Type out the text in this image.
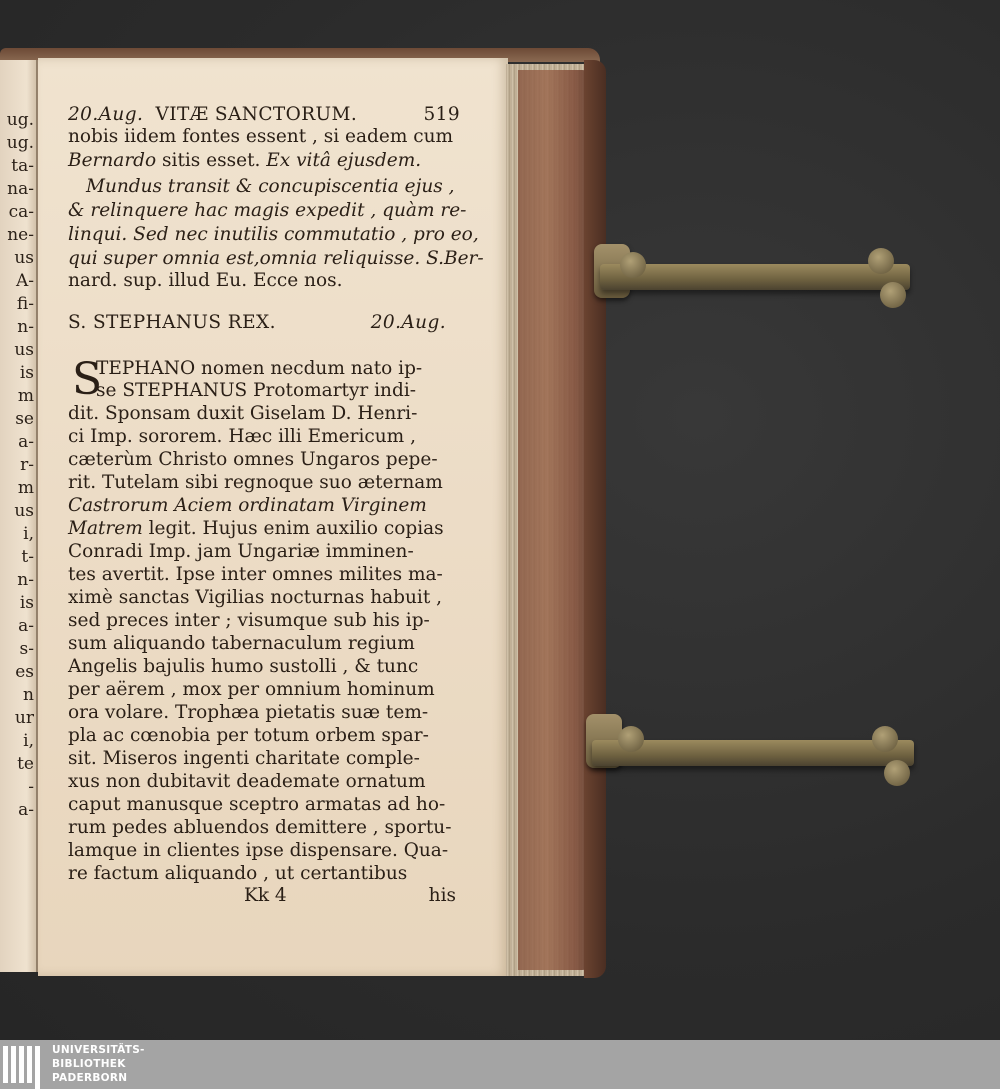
ug.
ug.
ta-
na-
ca-
ne-
us
A-
fi-
n-
us
is
m
se
a-
r-
m
us
i,
t-
n-
is
a-
s-
es
n
ur
i,
te
-
a-
20.Aug. VITÆ SANCTORUM.	519
nobis iidem fontes essent , si eadem cum
Bernardo sitis esset. Ex vitâ ejusdem.
Mundus transit & concupiscentia ejus ,
& relinquere hac magis expedit , quàm re-
linqui. Sed nec inutilis commutatio , pro eo,
qui super omnia est,omnia reliquisse. S.Ber-
nard. sup. illud Eu. Ecce nos.
S. STEPHANUS REX.	20.Aug.
S
TEPHANO nomen necdum nato ip-
se STEPHANUS Protomartyr indi-
dit. Sponsam duxit Giselam D. Henri-
ci Imp. sororem. Hæc illi Emericum ,
cæterùm Christo omnes Ungaros pepe-
rit. Tutelam sibi regnoque suo æternam
Castrorum Aciem ordinatam Virginem
Matrem legit. Hujus enim auxilio copias
Conradi Imp. jam Ungariæ imminen-
tes avertit. Ipse inter omnes milites ma-
ximè sanctas Vigilias nocturnas habuit ,
sed preces inter ; visumque sub his ip-
sum aliquando tabernaculum regium
Angelis bajulis humo sustolli , & tunc
per aërem , mox per omnium hominum
ora volare. Trophæa pietatis suæ tem-
pla ac cœnobia per totum orbem spar-
sit. Miseros ingenti charitate comple-
xus non dubitavit deademate ornatum
caput manusque sceptro armatas ad ho-
rum pedes abluendos demittere , sportu-
lamque in clientes ipse dispensare. Qua-
re factum aliquando , ut certantibus
Kk 4	his
UNIVERSITÄTS-
BIBLIOTHEK
PADERBORN
